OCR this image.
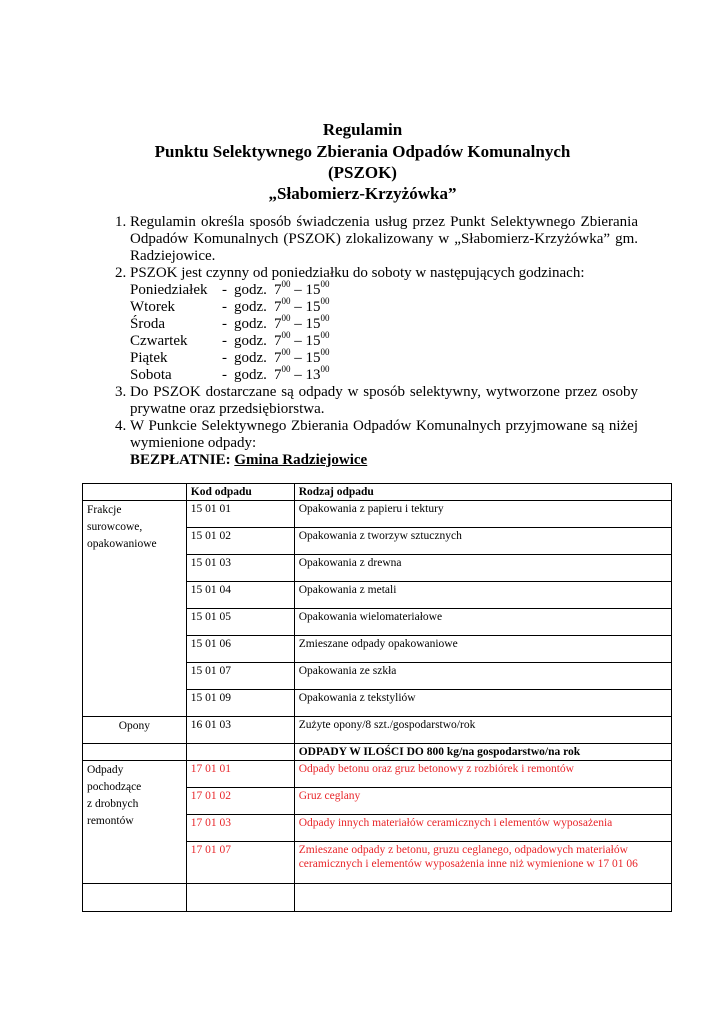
Regulamin
Punktu Selektywnego Zbierania Odpadów Komunalnych
(PSZOK)
„Słabomierz-Krzyżówka”
1. Regulamin określa sposób świadczenia usług przez Punkt Selektywnego Zbierania Odpadów Komunalnych (PSZOK) zlokalizowany w „Słabomierz-Krzyżówka” gm. Radziejowice.
2. PSZOK jest czynny od poniedziałku do soboty w następujących godzinach:
Poniedziałek	-	godz.	$7^{00} - 15^{00}$
Wtorek	-	godz.	$7^{00} - 15^{00}$
Środa	-	godz.	$7^{00} - 15^{00}$
Czwartek	-	godz.	$7^{00} - 15^{00}$
Piątek	-	godz.	$7^{00} - 15^{00}$
Sobota	-	godz.	$7^{00} - 13^{00}$
3. Do PSZOK dostarczane są odpady w sposób selektywny, wytworzone przez osoby prywatne oraz przedsiębiorstwa.
4. W Punkcie Selektywnego Zbierania Odpadów Komunalnych przyjmowane są niżej wymienione odpady:
BEZPŁATNIE: Gmina Radziejowice
	Kod odpadu	Rodzaj odpadu
Frakcje
surowcowe,
opakowaniowe	15 01 01	Opakowania z papieru i tektury
	15 01 02	Opakowania z tworzyw sztucznych
	15 01 03	Opakowania z drewna
	15 01 04	Opakowania z metali
	15 01 05	Opakowania wielomateriałowe
	15 01 06	Zmieszane odpady opakowaniowe
	15 01 07	Opakowania ze szkła
	15 01 09	Opakowania z tekstyliów
Opony	16 01 03	Zużyte opony/8 szt./gospodarstwo/rok
		ODPADY W ILOŚCI DO 800 kg/na gospodarstwo/na rok
Odpady
pochodzące
z drobnych
remontów	17 01 01	Odpady betonu oraz gruz betonowy z rozbiórek i remontów
	17 01 02	Gruz ceglany
	17 01 03	Odpady innych materiałów ceramicznych i elementów wyposażenia
	17 01 07	Zmieszane odpady z betonu, gruzu ceglanego, odpadowych materiałów
ceramicznych i elementów wyposażenia inne niż wymienione w 17 01 06
